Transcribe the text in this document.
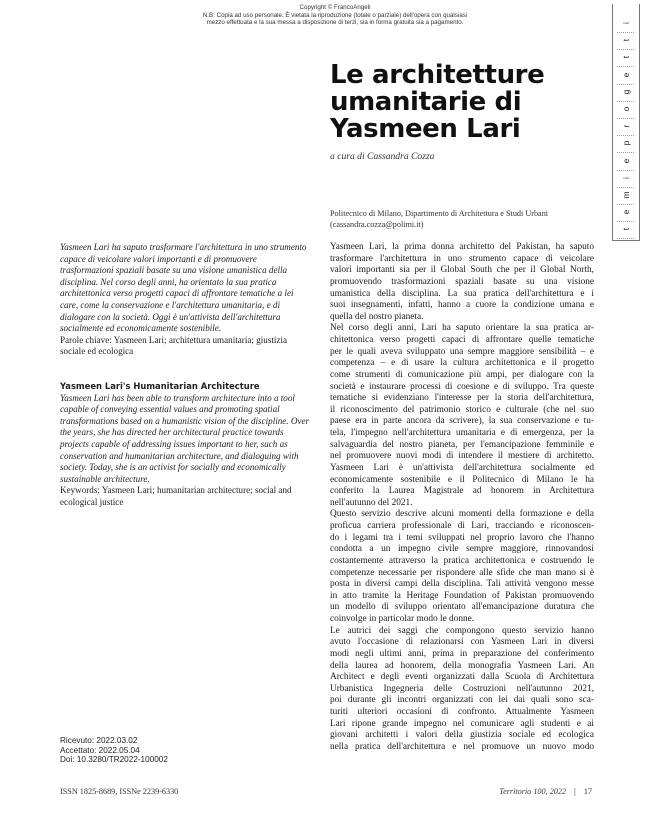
Copyright © FrancoAngeli
N.B: Copia ad uso personale. È vietata la riproduzione (totale o parziale) dell'opera con qualsiasi
mezzo effettuata e la sua messa a disposizione di terzi, sia in forma gratuita sia a pagamento.
t
e
m
i
e
p
r
o
g
e
t
t
i
Le architetture
umanitarie di
Yasmeen Lari
a cura di Cassandra Cozza
Politecnico di Milano, Dipartimento di Architettura e Studi Urbani
(cassandra.cozza@polimi.it)

Yasmeen Lari ha saputo trasformare l'architettura in uno strumento capace di veicolare valori importanti e di promuovere trasformazioni spaziali basate su una visione umanistica della disciplina. Nel corso degli anni, ha orientato la sua pratica architettonica verso progetti capaci di affrontare tematiche a lei care, come la conservazione e l'architettura umanitaria, e di dialogare con la società. Oggi è un'attivista dell'architettura socialmente ed economicamente sostenibile.

Parole chiave: Yasmeen Lari; architettura umanitaria; giustizia sociale ed ecologica

Yasmeen Lari's Humanitarian Architecture

Yasmeen Lari has been able to transform architecture into a tool capable of conveying essential values and promoting spatial transformations based on a humanistic vision of the discipline. Over the years, she has directed her architectural practice towards projects capable of addressing issues important to her, such as conservation and humanitarian architecture, and dialoguing with society. Today, she is an activist for socially and economically sustainable architecture.

Keywords: Yasmeen Lari; humanitarian architecture; social and ecological justice

Ricevuto: 2022.03.02
Accettato: 2022.05.04
Doi: 10.3280/TR2022-100002
Yasmeen Lari, la prima donna architetto del Pakistan, ha saputo
trasformare l'architettura in uno strumento capace di veicolare
valori importanti sia per il Global South che per il Global North,
promuovendo trasformazioni spaziali basate su una visione
umanistica della disciplina. La sua pratica dell'architettura e i
suoi insegnamenti, infatti, hanno a cuore la condizione umana e
quella del nostro pianeta.
Nel corso degli anni, Lari ha saputo orientare la sua pratica ar-
chitettonica verso progetti capaci di affrontare quelle tematiche
per le quali aveva sviluppato una sempre maggiore sensibilità – e
competenza – e di usare la cultura architettonica e il progetto
come strumenti di comunicazione più ampi, per dialogare con la
società e instaurare processi di coesione e di sviluppo. Tra queste
tematiche si evidenziano l'interesse per la storia dell'architettura,
il riconoscimento del patrimonio storico e culturale (che nel suo
paese era in parte ancora da scrivere), la sua conservazione e tu-
tela, l'impegno nell'architettura umanitaria e di emergenza, per la
salvaguardia del nostro pianeta, per l'emancipazione femminile e
nel promuovere nuovi modi di intendere il mestiere di architetto.
Yasmeen Lari è un'attivista dell'architettura socialmente ed
economicamente sostenibile e il Politecnico di Milano le ha
conferito la Laurea Magistrale ad honorem in Architettura
nell'autunno del 2021.
Questo servizio descrive alcuni momenti della formazione e della
proficua carriera professionale di Lari, tracciando e riconoscen-
do i legami tra i temi sviluppati nel proprio lavoro che l'hanno
condotta a un impegno civile sempre maggiore, rinnovandosi
costantemente attraverso la pratica architettonica e costruendo le
competenze necessarie per rispondere alle sfide che man mano si è
posta in diversi campi della disciplina. Tali attività vengono messe
in atto tramite la Heritage Foundation of Pakistan promuovendo
un modello di sviluppo orientato all'emancipazione duratura che
coinvolge in particolar modo le donne.
Le autrici dei saggi che compongono questo servizio hanno
avuto l'occasione di relazionarsi con Yasmeen Lari in diversi
modi negli ultimi anni, prima in preparazione del conferimento
della laurea ad honorem, della monografia Yasmeen Lari. An
Architect e degli eventi organizzati dalla Scuola di Architettura
Urbanistica Ingegneria delle Costruzioni nell'autunno 2021,
poi durante gli incontri organizzati con lei dai quali sono sca-
turiti ulteriori occasioni di confronto. Attualmente Yasmeen
Lari ripone grande impegno nel comunicare agli studenti e ai
giovani architetti i valori della giustizia sociale ed ecologica
nella pratica dell'architettura e nel promuove un nuovo modo
ISSN 1825-8689, ISSNe 2239-6330	Territorio 100, 2022 | 17
